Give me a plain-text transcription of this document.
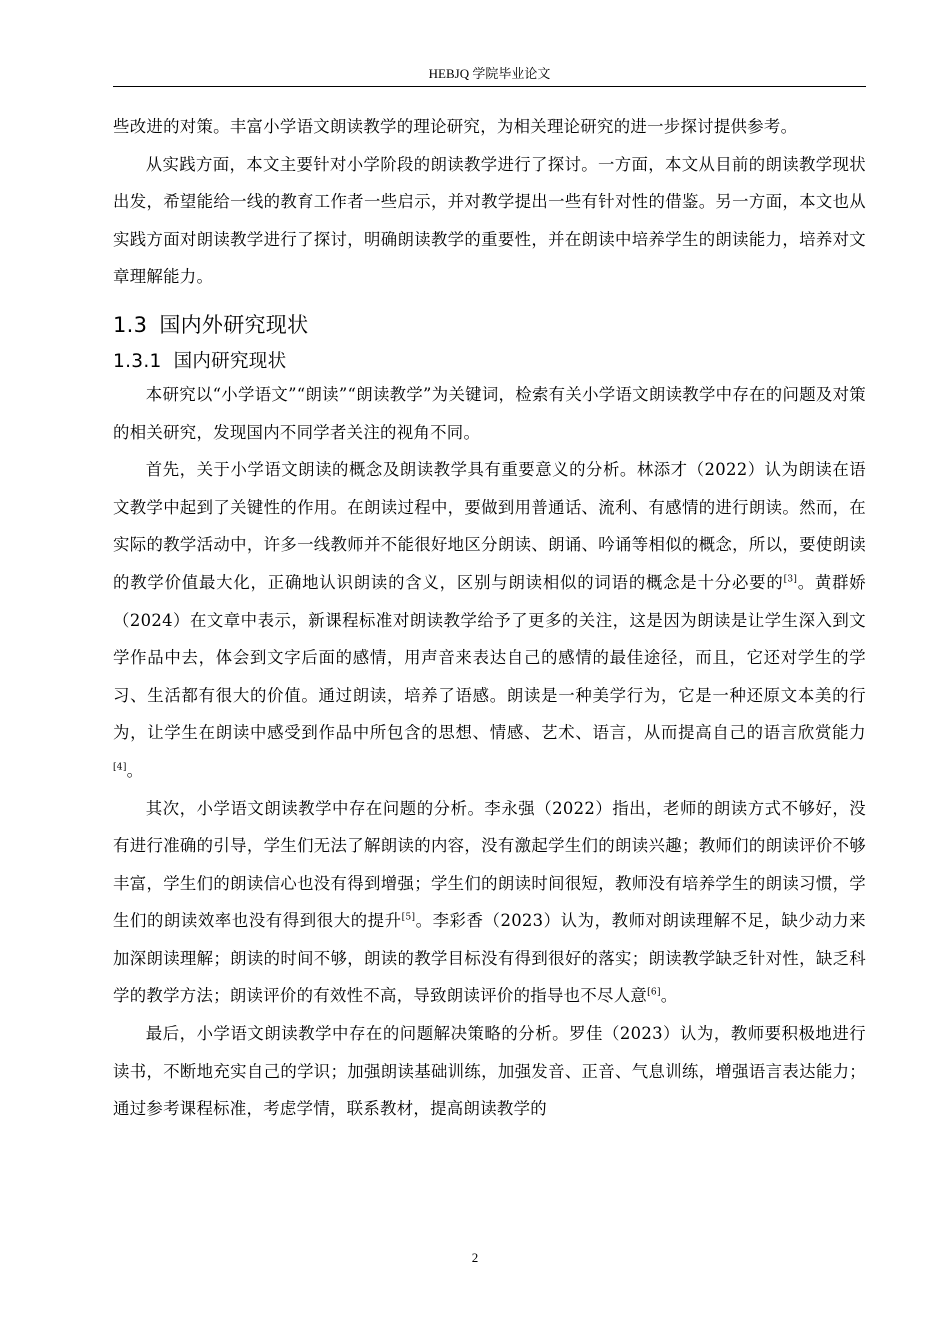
HEBJQ 学院毕业论文

些改进的对策。丰富小学语文朗读教学的理论研究，为相关理论研究的进一步探讨提供参考。

从实践方面，本文主要针对小学阶段的朗读教学进行了探讨。一方面，本文从目前的朗读教学现状出发，希望能给一线的教育工作者一些启示，并对教学提出一些有针对性的借鉴。另一方面，本文也从实践方面对朗读教学进行了探讨，明确朗读教学的重要性，并在朗读中培养学生的朗读能力，培养对文章理解能力。

1.3 国内外研究现状
1.3.1 国内研究现状

本研究以“小学语文”“朗读”“朗读教学”为关键词，检索有关小学语文朗读教学中存在的问题及对策的相关研究，发现国内不同学者关注的视角不同。

首先，关于小学语文朗读的概念及朗读教学具有重要意义的分析。林添才（2022）认为朗读在语文教学中起到了关键性的作用。在朗读过程中，要做到用普通话、流利、有感情的进行朗读。然而，在实际的教学活动中，许多一线教师并不能很好地区分朗读、朗诵、吟诵等相似的概念，所以，要使朗读的教学价值最大化，正确地认识朗读的含义，区别与朗读相似的词语的概念是十分必要的[3]。黄群娇（2024）在文章中表示，新课程标准对朗读教学给予了更多的关注，这是因为朗读是让学生深入到文学作品中去，体会到文字后面的感情，用声音来表达自己的感情的最佳途径，而且，它还对学生的学习、生活都有很大的价值。通过朗读，培养了语感。朗读是一种美学行为，它是一种还原文本美的行为，让学生在朗读中感受到作品中所包含的思想、情感、艺术、语言，从而提高自己的语言欣赏能力[4]。

其次，小学语文朗读教学中存在问题的分析。李永强（2022）指出，老师的朗读方式不够好，没有进行准确的引导，学生们无法了解朗读的内容，没有激起学生们的朗读兴趣；教师们的朗读评价不够丰富，学生们的朗读信心也没有得到增强；学生们的朗读时间很短，教师没有培养学生的朗读习惯，学生们的朗读效率也没有得到很大的提升[5]。李彩香（2023）认为，教师对朗读理解不足，缺少动力来加深朗读理解；朗读的时间不够，朗读的教学目标没有得到很好的落实；朗读教学缺乏针对性，缺乏科学的教学方法；朗读评价的有效性不高，导致朗读评价的指导也不尽人意[6]。

最后，小学语文朗读教学中存在的问题解决策略的分析。罗佳（2023）认为，教师要积极地进行读书，不断地充实自己的学识；加强朗读基础训练，加强发音、正音、气息训练，增强语言表达能力；通过参考课程标准，考虑学情，联系教材，提高朗读教学的

2
